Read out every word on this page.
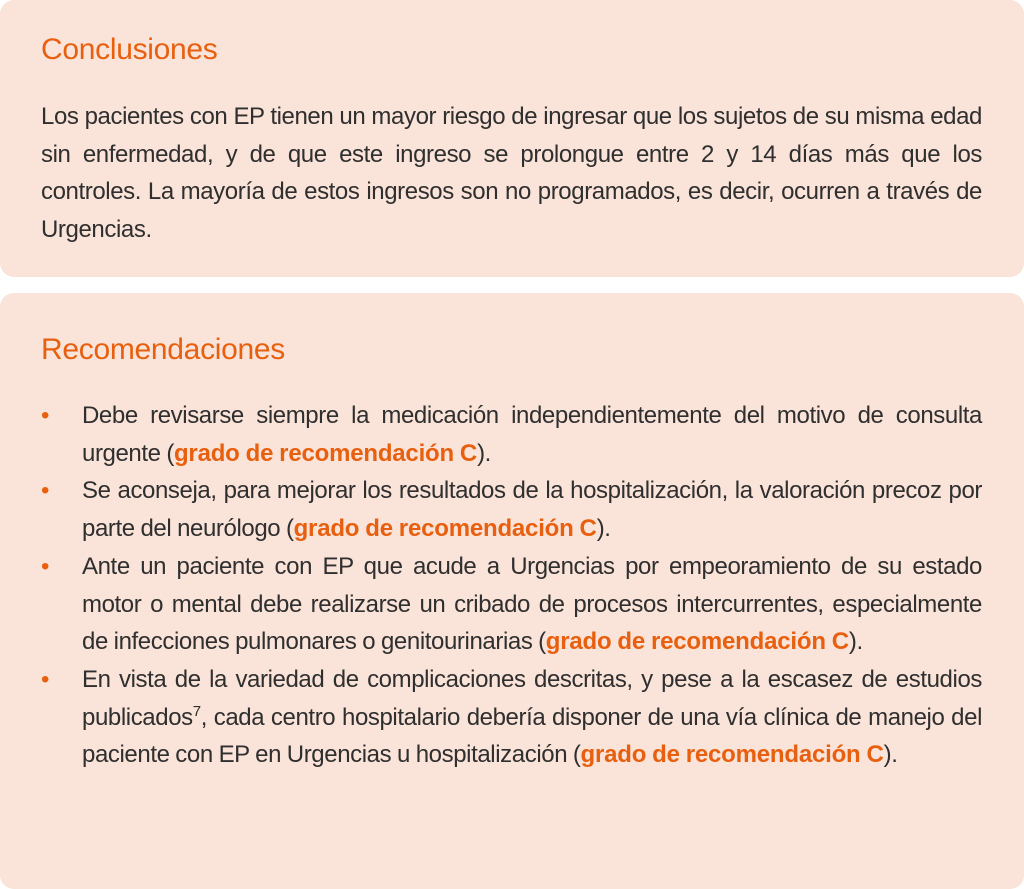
Conclusiones

Los pacientes con EP tienen un mayor riesgo de ingresar que los sujetos de su misma edad sin enfermedad, y de que este ingreso se prolongue entre 2 y 14 días más que los controles. La mayoría de estos ingresos son no programados, es decir, ocurren a través de Urgencias.

Recomendaciones
• Debe revisarse siempre la medicación independientemente del motivo de consulta urgente (grado de recomendación C).
• Se aconseja, para mejorar los resultados de la hospitalización, la valoración precoz por parte del neurólogo (grado de recomendación C).
• Ante un paciente con EP que acude a Urgencias por empeoramiento de su estado motor o mental debe realizarse un cribado de procesos intercurrentes, especialmente de infecciones pulmonares o genitourinarias (grado de recomendación C).
• En vista de la variedad de complicaciones descritas, y pese a la escasez de estudios publicados$^7$, cada centro hospitalario debería disponer de una vía clínica de manejo del paciente con EP en Urgencias u hospitalización (grado de recomendación C).
